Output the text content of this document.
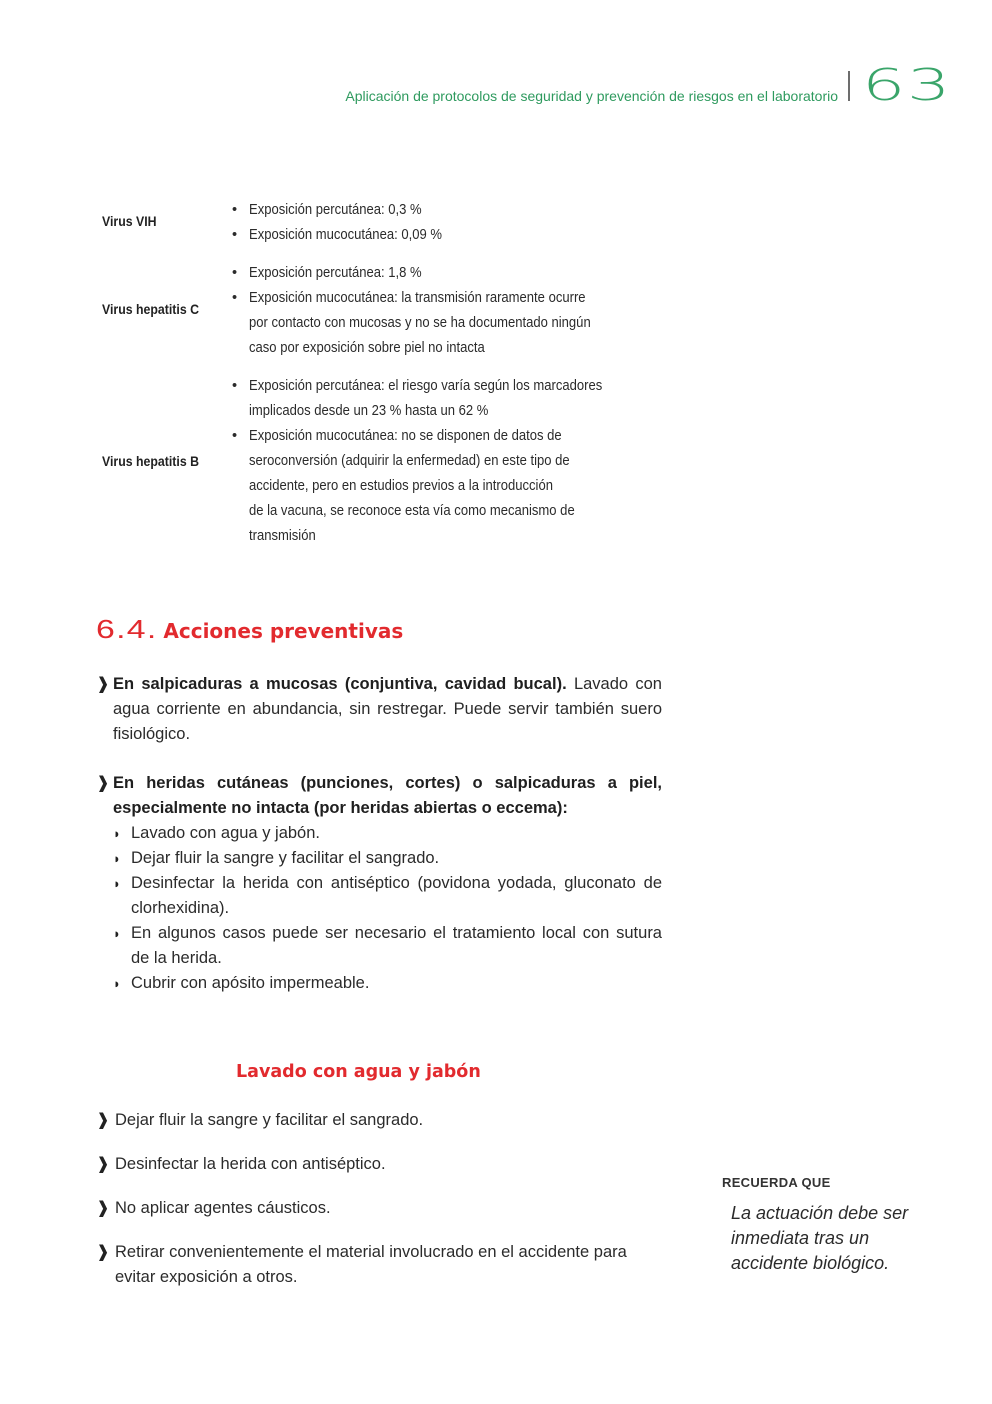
Aplicación de protocolos de seguridad y prevención de riesgos en el laboratorio 63
Virus VIH
• Exposición percutánea: 0,3 %
• Exposición mucocutánea: 0,09 %
Virus hepatitis C
• Exposición percutánea: 1,8 %
• Exposición mucocutánea: la transmisión raramente ocurre
por contacto con mucosas y no se ha documentado ningún
caso por exposición sobre piel no intacta
Virus hepatitis B
• Exposición percutánea: el riesgo varía según los marcadores
implicados desde un 23 % hasta un 62 %
• Exposición mucocutánea: no se disponen de datos de
seroconversión (adquirir la enfermedad) en este tipo de
accidente, pero en estudios previos a la introducción
de la vacuna, se reconoce esta vía como mecanismo de
transmisión
6.4. Acciones preventivas
❱ En salpicaduras a mucosas (conjuntiva, cavidad bucal). Lavado con agua corriente en abundancia, sin restregar. Puede servir también suero fisiológico.
❱ En heridas cutáneas (punciones, cortes) o salpicaduras a piel, especialmente no intacta (por heridas abiertas o eccema):
◗ Lavado con agua y jabón.
◗ Dejar fluir la sangre y facilitar el sangrado.
◗ Desinfectar la herida con antiséptico (povidona yodada, gluconato de clorhexidina).
◗ En algunos casos puede ser necesario el tratamiento local con sutura de la herida.
◗ Cubrir con apósito impermeable.
Lavado con agua y jabón
❱ Dejar fluir la sangre y facilitar el sangrado.
❱ Desinfectar la herida con antiséptico.
❱ No aplicar agentes cáusticos.
❱ Retirar convenientemente el material involucrado en el accidente para evitar exposición a otros.
RECUERDA QUE
La actuación debe ser inmediata tras un accidente biológico.
